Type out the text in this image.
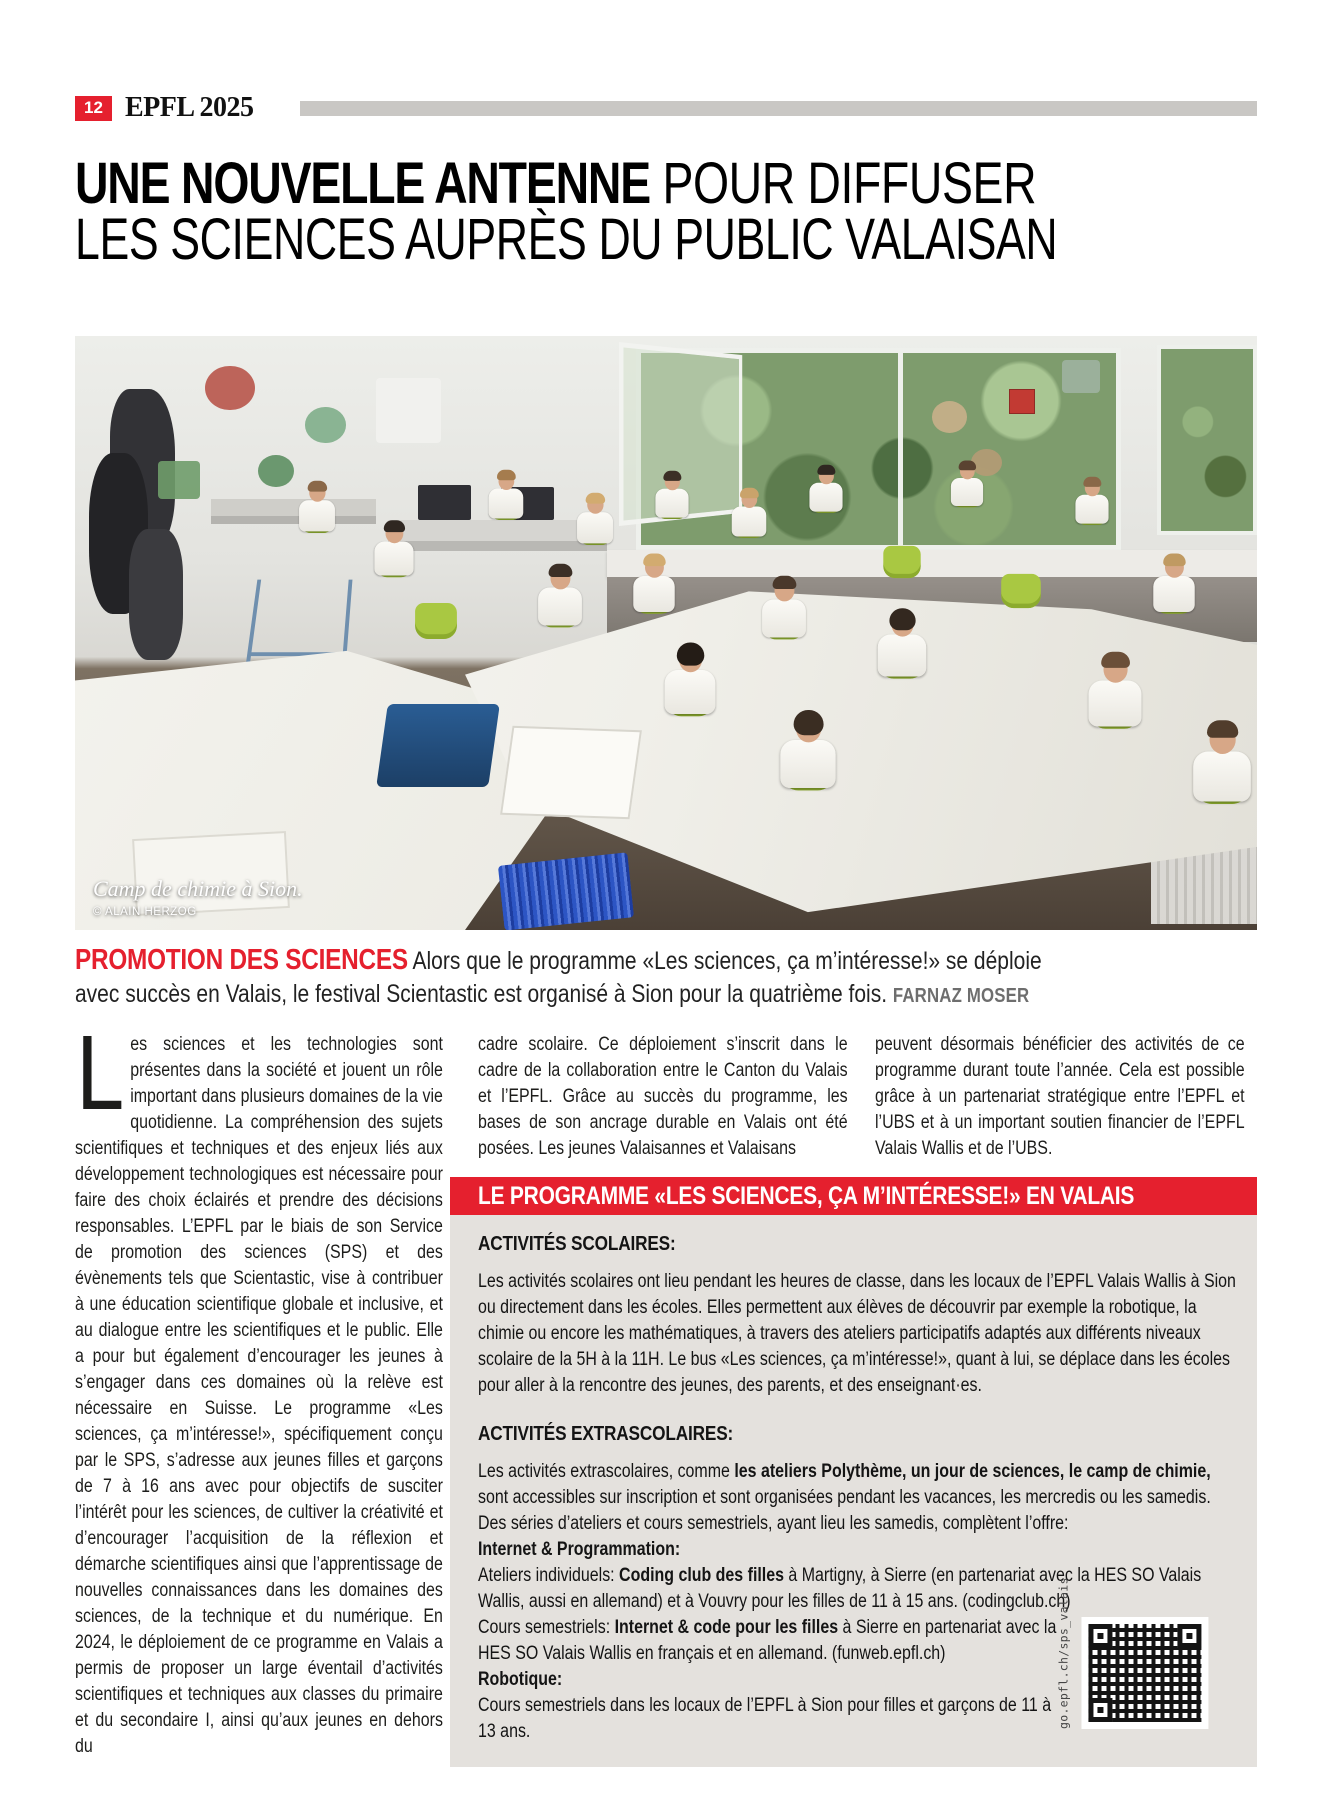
12 EPFL 2025
UNE NOUVELLE ANTENNE POUR DIFFUSER
LES SCIENCES AUPRÈS DU PUBLIC VALAISAN
Camp de chimie à Sion.
© ALAIN HERZOG

PROMOTION DES SCIENCES Alors que le programme «Les sciences, ça m’intéresse!» se déploie avec succès en Valais, le festival Scientastic est organisé à Sion pour la quatrième fois. FARNAZ MOSER

Les sciences et les technologies sont présentes dans la société et jouent un rôle important dans plusieurs domaines de la vie quotidienne. La compréhension des sujets scientifiques et techniques et des enjeux liés aux développement technologiques est nécessaire pour faire des choix éclairés et prendre des décisions responsables. L’EPFL par le biais de son Service de promotion des sciences (SPS) et des évènements tels que Scientastic, vise à contribuer à une éducation scientifique globale et inclusive, et au dialogue entre les scientifiques et le public. Elle a pour but également d’encourager les jeunes à s’engager dans ces domaines où la relève est nécessaire en Suisse. Le programme «Les sciences, ça m’intéresse!», spécifiquement conçu par le SPS, s’adresse aux jeunes filles et garçons de 7 à 16 ans avec pour objectifs de susciter l’intérêt pour les sciences, de cultiver la créativité et d’encourager l’acquisition de la réflexion et démarche scientifiques ainsi que l’apprentissage de nouvelles connaissances dans les domaines des sciences, de la technique et du numérique. En 2024, le déploiement de ce programme en Valais a permis de proposer un large éventail d’activités scientifiques et techniques aux classes du primaire et du secondaire I, ainsi qu’aux jeunes en dehors du
cadre scolaire. Ce déploiement s’inscrit dans le cadre de la collaboration entre le Canton du Valais et l’EPFL. Grâce au succès du programme, les bases de son ancrage durable en Valais ont été posées. Les jeunes Valaisannes et Valaisans
peuvent désormais bénéficier des activités de ce programme durant toute l’année. Cela est possible grâce à un partenariat stratégique entre l’EPFL et l’UBS et à un important soutien financier de l’EPFL Valais Wallis et de l’UBS.
LE PROGRAMME «LES SCIENCES, ÇA M’INTÉRESSE!» EN VALAIS
ACTIVITÉS SCOLAIRES:

Les activités scolaires ont lieu pendant les heures de classe, dans les locaux de l’EPFL Valais Wallis à Sion ou directement dans les écoles. Elles permettent aux élèves de découvrir par exemple la robotique, la chimie ou encore les mathématiques, à travers des ateliers participatifs adaptés aux différents niveaux scolaire de la 5H à la 11H. Le bus «Les sciences, ça m’intéresse!», quant à lui, se déplace dans les écoles pour aller à la rencontre des jeunes, des parents, et des enseignant·es.

ACTIVITÉS EXTRASCOLAIRES:

Les activités extrascolaires, comme les ateliers Polythème, un jour de sciences, le camp de chimie, sont accessibles sur inscription et sont organisées pendant les vacances, les mercredis ou les samedis.

Des séries d’ateliers et cours semestriels, ayant lieu les samedis, complètent l’offre:

Internet & Programmation:

Ateliers individuels: Coding club des filles à Martigny, à Sierre (en partenariat avec la HES SO Valais Wallis, aussi en allemand) et à Vouvry pour les filles de 11 à 15 ans. (codingclub.ch)

go.epfl.ch/sps_valais

Cours semestriels: Internet & code pour les filles à Sierre en partenariat avec la HES SO Valais Wallis en français et en allemand. (funweb.epfl.ch)

Robotique:

Cours semestriels dans les locaux de l’EPFL à Sion pour filles et garçons de 11 à 13 ans.
